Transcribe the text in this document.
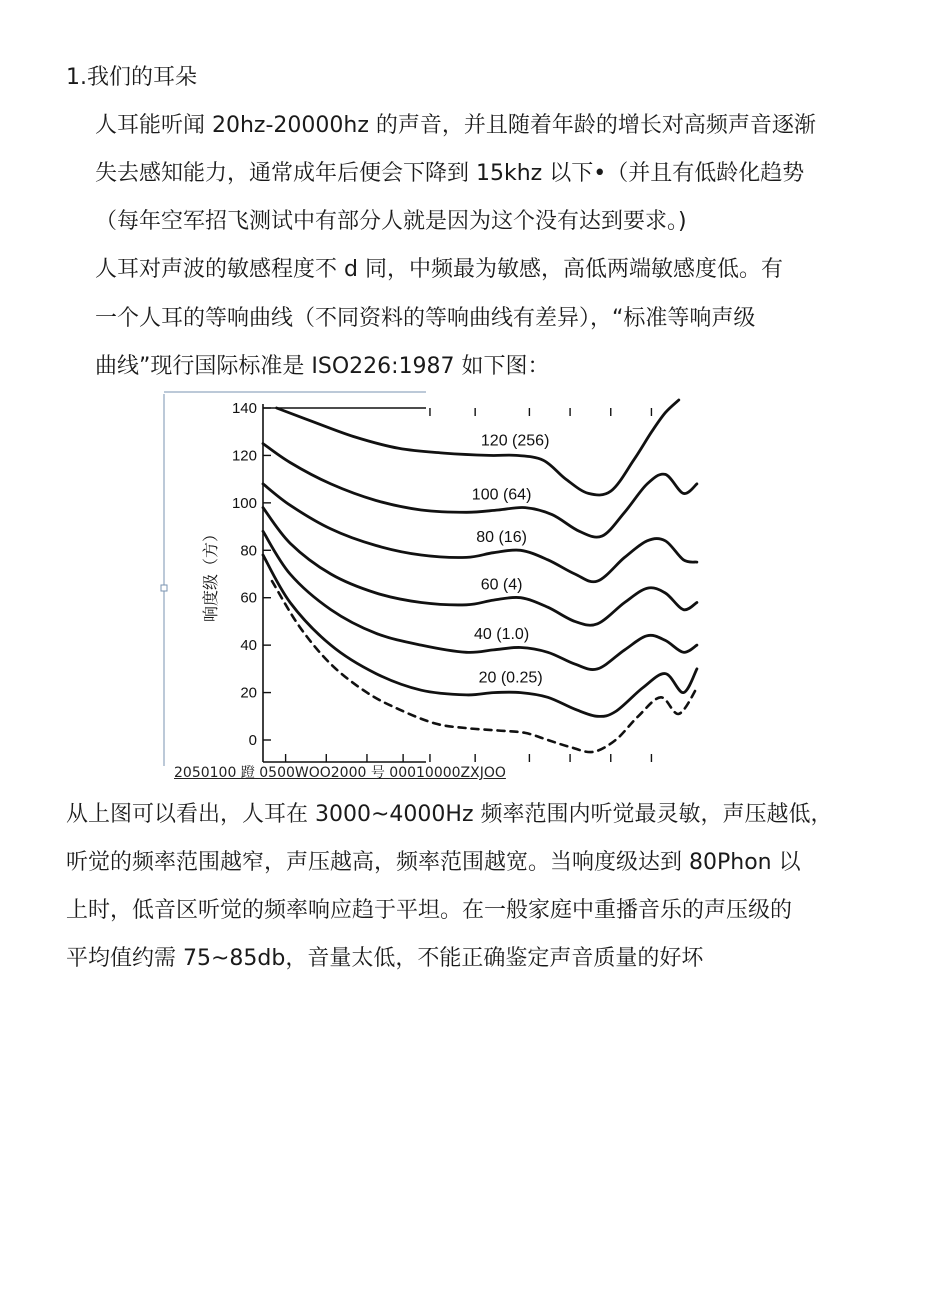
1.我们的耳朵
人耳能听闻 20hz-20000hz 的声音，并且随着年龄的增长对高频声音逐渐
失去感知能力，通常成年后便会下降到 15khz 以下•（并且有低龄化趋势
（每年空军招飞测试中有部分人就是因为这个没有达到要求。)
人耳对声波的敏感程度不 d 同，中频最为敏感，高低两端敏感度低。有
一个人耳的等响曲线（不同资料的等响曲线有差异），“标准等响声级
曲线”现行国际标准是 ISO226:1987 如下图：
0
20
40
60
80
100
120
140
响度级（方）
120 (256)
100 (64)
80 (16)
60 (4)
40 (1.0)
20 (0.25)
2050100 蹬 0500WOO2000 号 00010000ZXJOO
从上图可以看出，人耳在 3000~4000Hz 频率范围内听觉最灵敏，声压越低，
听觉的频率范围越窄，声压越高，频率范围越宽。当响度级达到 80Phon 以
上时，低音区听觉的频率响应趋于平坦。在一般家庭中重播音乐的声压级的
平均值约需 75~85db，音量太低，不能正确鉴定声音质量的好坏
